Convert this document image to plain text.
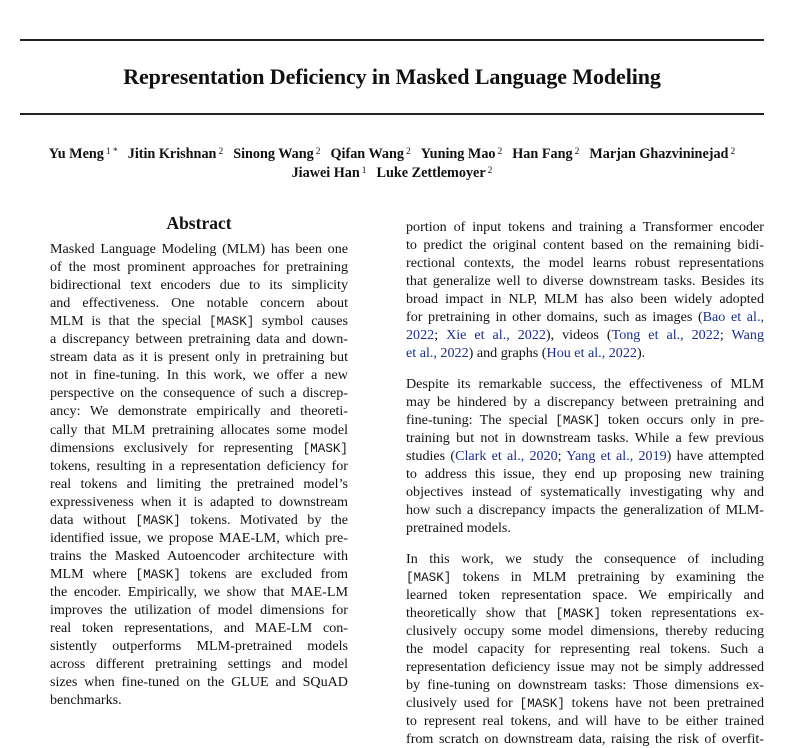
Representation Deficiency in Masked Language Modeling
Yu Meng $^{1 *}$ Jitin Krishnan $^2$ Sinong Wang $^2$ Qifan Wang $^2$ Yuning Mao $^2$ Han Fang $^2$ Marjan Ghazvininejad $^2$
Jiawei Han $^1$ Luke Zettlemoyer $^2$
Abstract
Masked Language Modeling (MLM) has been one
of the most prominent approaches for pretraining
bidirectional text encoders due to its simplicity
and effectiveness. One notable concern about
MLM is that the special [MASK] symbol causes
a discrepancy between pretraining data and down-
stream data as it is present only in pretraining but
not in fine-tuning. In this work, we offer a new
perspective on the consequence of such a discrep-
ancy: We demonstrate empirically and theoreti-
cally that MLM pretraining allocates some model
dimensions exclusively for representing [MASK]
tokens, resulting in a representation deficiency for
real tokens and limiting the pretrained model’s
expressiveness when it is adapted to downstream
data without [MASK] tokens. Motivated by the
identified issue, we propose MAE-LM, which pre-
trains the Masked Autoencoder architecture with
MLM where [MASK] tokens are excluded from
the encoder. Empirically, we show that MAE-LM
improves the utilization of model dimensions for
real token representations, and MAE-LM con-
sistently outperforms MLM-pretrained models
across different pretraining settings and model
sizes when fine-tuned on the GLUE and SQuAD
benchmarks.
portion of input tokens and training a Transformer encoder
to predict the original content based on the remaining bidi-
rectional contexts, the model learns robust representations
that generalize well to diverse downstream tasks. Besides its
broad impact in NLP, MLM has also been widely adopted
for pretraining in other domains, such as images (Bao et al.,
2022; Xie et al., 2022), videos (Tong et al., 2022; Wang
et al., 2022) and graphs (Hou et al., 2022).
Despite its remarkable success, the effectiveness of MLM
may be hindered by a discrepancy between pretraining and
fine-tuning: The special [MASK] token occurs only in pre-
training but not in downstream tasks. While a few previous
studies (Clark et al., 2020; Yang et al., 2019) have attempted
to address this issue, they end up proposing new training
objectives instead of systematically investigating why and
how such a discrepancy impacts the generalization of MLM-
pretrained models.
In this work, we study the consequence of including
[MASK] tokens in MLM pretraining by examining the
learned token representation space. We empirically and
theoretically show that [MASK] token representations ex-
clusively occupy some model dimensions, thereby reducing
the model capacity for representing real tokens. Such a
representation deficiency issue may not be simply addressed
by fine-tuning on downstream tasks: Those dimensions ex-
clusively used for [MASK] tokens have not been pretrained
to represent real tokens, and will have to be either trained
from scratch on downstream data, raising the risk of overfit-
